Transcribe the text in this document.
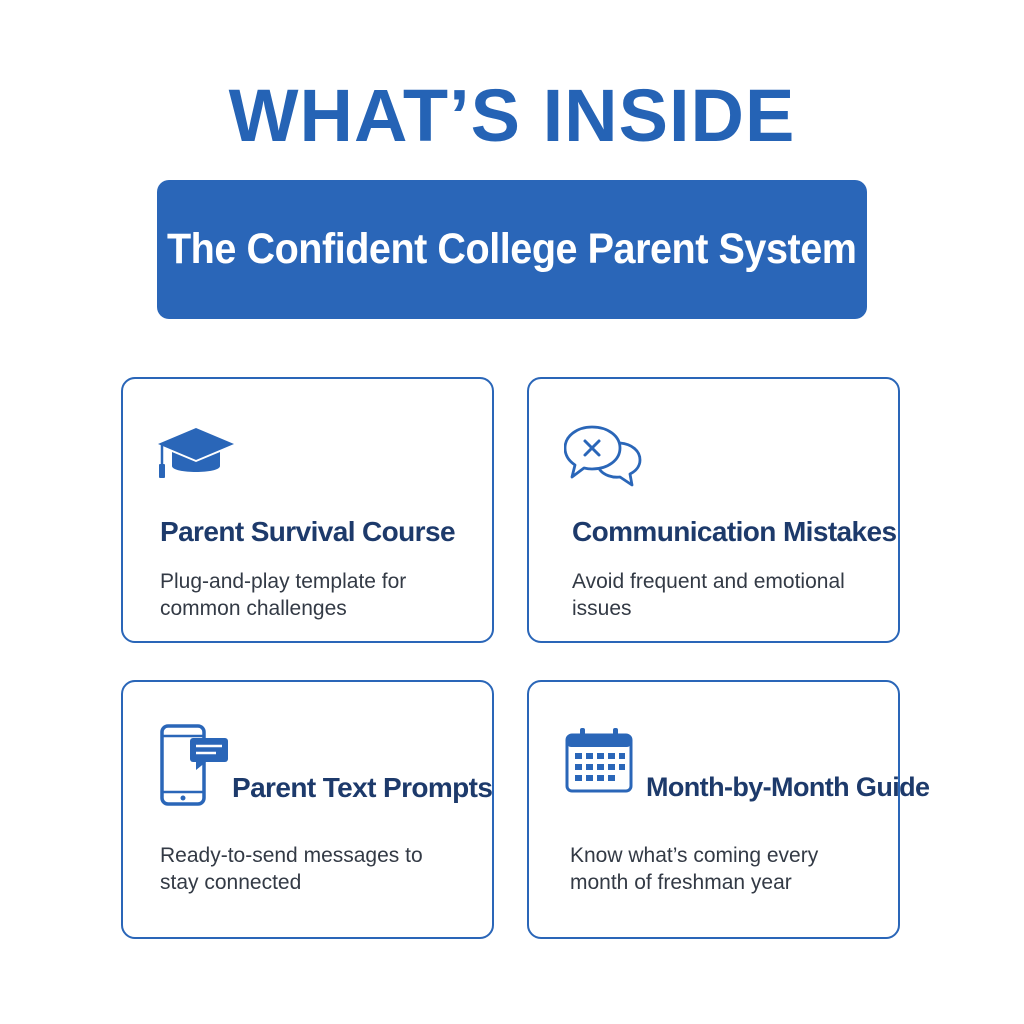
WHAT’S INSIDE
The Confident College Parent System
Parent Survival Course
Plug-and-play template for common challenges
Communication Mistakes
Avoid frequent and emotional issues
Parent Text Prompts
Ready-to-send messages to stay connected
Month-by-Month Guide
Know what’s coming every month of freshman year
